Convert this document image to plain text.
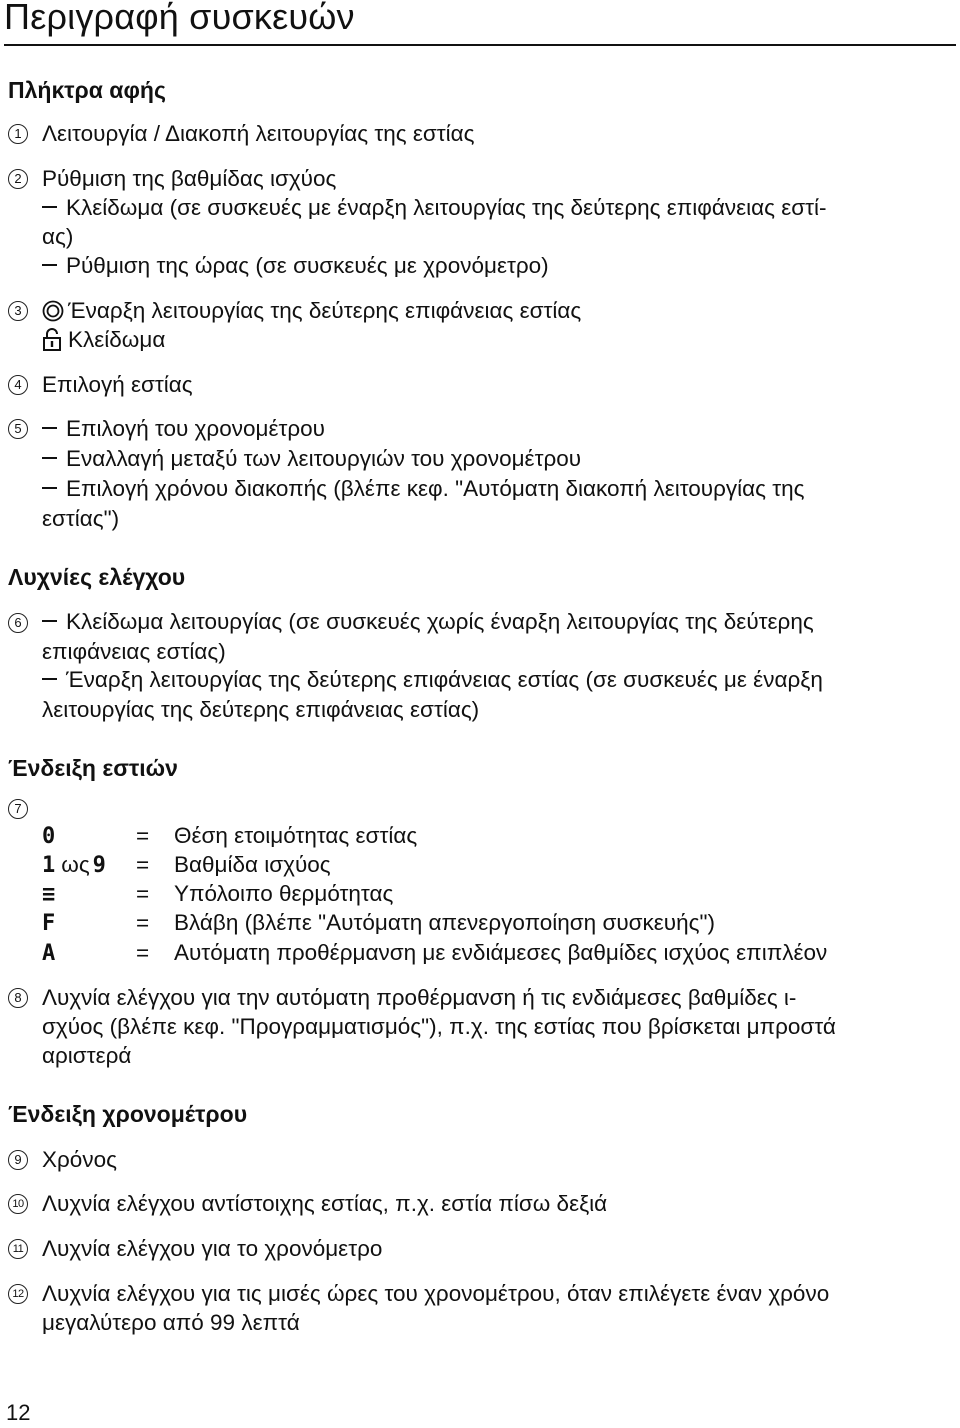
Περιγραφή συσκευών
Πλήκτρα αφής
1 Λειτουργία / Διακοπή λειτουργίας της εστίας
2 Ρύθμιση της βαθμίδας ισχύος
Κλείδωμα (σε συσκευές με έναρξη λειτουργίας της δεύτερης επιφάνειας εστί-
ας)
Ρύθμιση της ώρας (σε συσκευές με χρονόμετρο)
3	Έναρξη λειτουργίας της δεύτερης επιφάνειας εστίας
Κλείδωμα
4 Επιλογή εστίας
5	Επιλογή του χρονομέτρου
Εναλλαγή μεταξύ των λειτουργιών του χρονομέτρου
Επιλογή χρόνου διακοπής (βλέπε κεφ. "Αυτόματη διακοπή λειτουργίας της
εστίας")
Λυχνίες ελέγχου
6	Κλείδωμα λειτουργίας (σε συσκευές χωρίς έναρξη λειτουργίας της δεύτερης
επιφάνειας εστίας)
Έναρξη λειτουργίας της δεύτερης επιφάνειας εστίας (σε συσκευές με έναρξη
λειτουργίας της δεύτερης επιφάνειας εστίας)
Ένδειξη εστιών
7
0	= Θέση ετοιμότητας εστίας
1 ως 9 = Βαθμίδα ισχύος
≡	= Υπόλοιπο θερμότητας
F	= Βλάβη (βλέπε "Αυτόματη απενεργοποίηση συσκευής")
A	= Αυτόματη προθέρμανση με ενδιάμεσες βαθμίδες ισχύος επιπλέον
8 Λυχνία ελέγχου για την αυτόματη προθέρμανση ή τις ενδιάμεσες βαθμίδες ι-
σχύος (βλέπε κεφ. "Προγραμματισμός"), π.χ. της εστίας που βρίσκεται μπροστά
αριστερά
Ένδειξη χρονομέτρου
9 Χρόνος
10 Λυχνία ελέγχου αντίστοιχης εστίας, π.χ. εστία πίσω δεξιά
11 Λυχνία ελέγχου για το χρονόμετρο
12 Λυχνία ελέγχου για τις μισές ώρες του χρονομέτρου, όταν επιλέγετε έναν χρόνο
μεγαλύτερο από 99 λεπτά
12
